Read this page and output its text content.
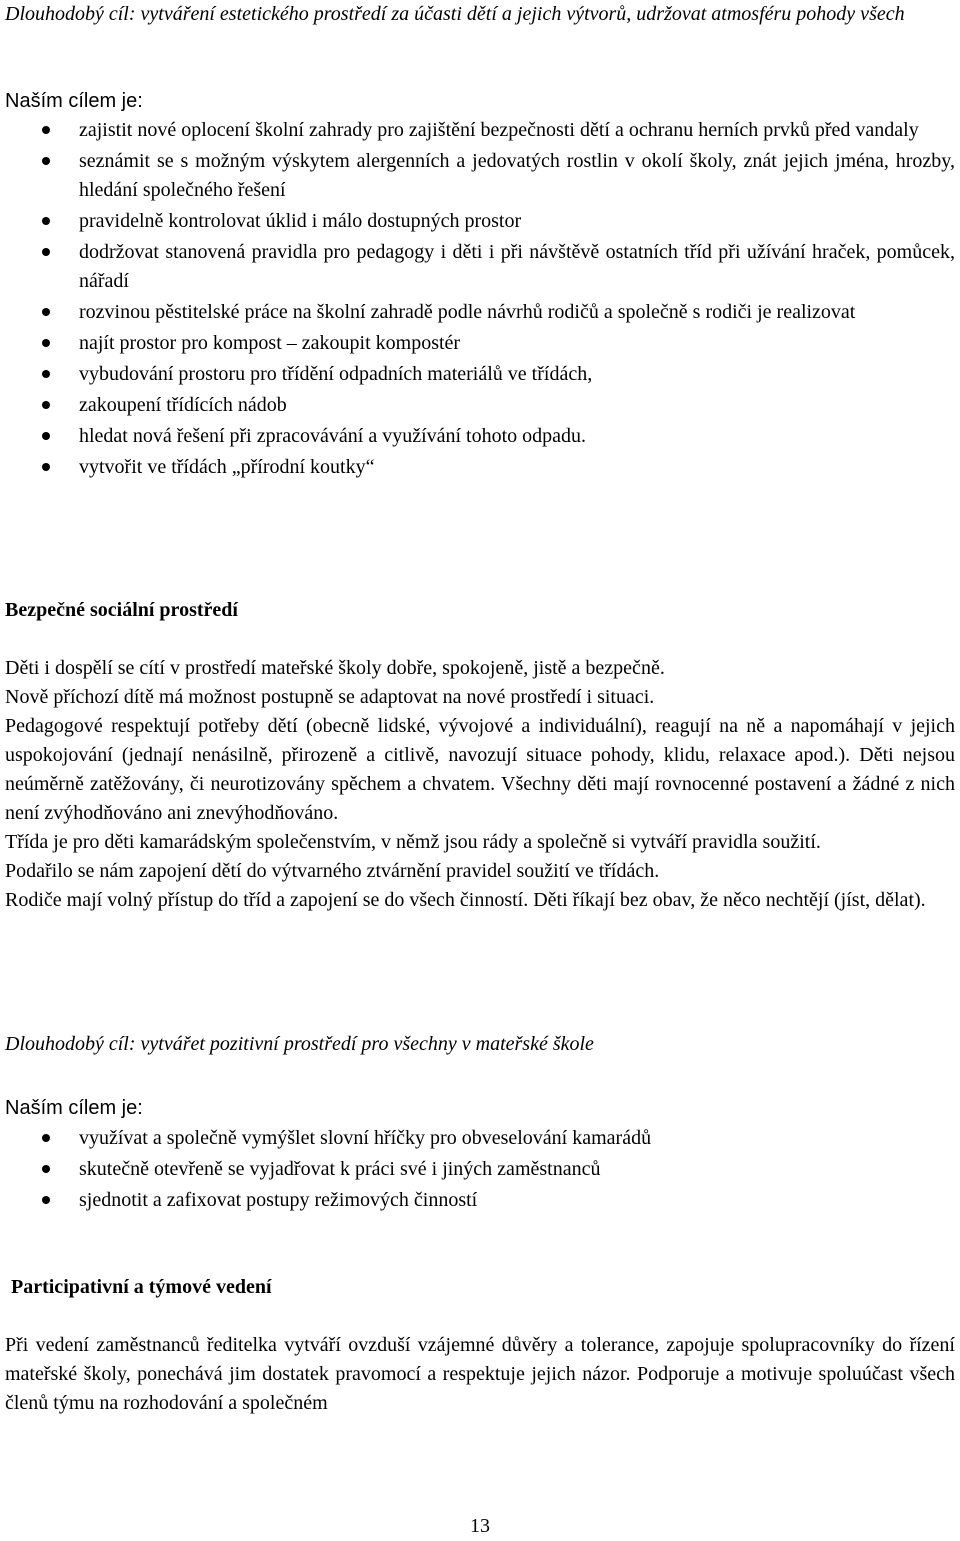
Dlouhodobý cíl: vytváření estetického prostředí za účasti dětí a jejich výtvorů, udržovat atmosféru pohody všech

Naším cílem je:

zajistit nové oplocení školní zahrady pro zajištění bezpečnosti dětí a ochranu herních prvků před vandaly
seznámit se s možným výskytem alergenních a jedovatých rostlin v okolí školy, znát jejich jména, hrozby, hledání společného řešení
pravidelně kontrolovat úklid i málo dostupných prostor
dodržovat stanovená pravidla pro pedagogy i děti i při návštěvě ostatních tříd při užívání hraček, pomůcek, nářadí
rozvinou pěstitelské práce na školní zahradě podle návrhů rodičů a společně s rodiči je realizovat
najít prostor pro kompost – zakoupit kompostér
vybudování prostoru pro třídění odpadních materiálů ve třídách,
zakoupení třídících nádob
hledat nová řešení při zpracovávání a využívání tohoto odpadu.
vytvořit ve třídách „přírodní koutky“

Bezpečné sociální prostředí

Děti i dospělí se cítí v prostředí mateřské školy dobře, spokojeně, jistě a bezpečně.

Nově příchozí dítě má možnost postupně se adaptovat na nové prostředí i situaci.

Pedagogové respektují potřeby dětí (obecně lidské, vývojové a individuální), reagují na ně a napomáhají v jejich uspokojování (jednají nenásilně, přirozeně a citlivě, navozují situace pohody, klidu, relaxace apod.). Děti nejsou neúměrně zatěžovány, či neurotizovány spěchem a chvatem. Všechny děti mají rovnocenné postavení a žádné z nich není zvýhodňováno ani znevýhodňováno.

Třída je pro děti kamarádským společenstvím, v němž jsou rády a společně si vytváří pravidla soužití.

Podařilo se nám zapojení dětí do výtvarného ztvárnění pravidel soužití ve třídách.

Rodiče mají volný přístup do tříd a zapojení se do všech činností. Děti říkají bez obav, že něco nechtějí (jíst, dělat).

Dlouhodobý cíl: vytvářet pozitivní prostředí pro všechny v mateřské škole

Naším cílem je:

využívat a společně vymýšlet slovní hříčky pro obveselování kamarádů
skutečně otevřeně se vyjadřovat k práci své i jiných zaměstnanců
sjednotit a zafixovat postupy režimových činností

Participativní a týmové vedení

Při vedení zaměstnanců ředitelka vytváří ovzduší vzájemné důvěry a tolerance, zapojuje spolupracovníky do řízení mateřské školy, ponechává jim dostatek pravomocí a respektuje jejich názor. Podporuje a motivuje spoluúčast všech členů týmu na rozhodování a společném

13
